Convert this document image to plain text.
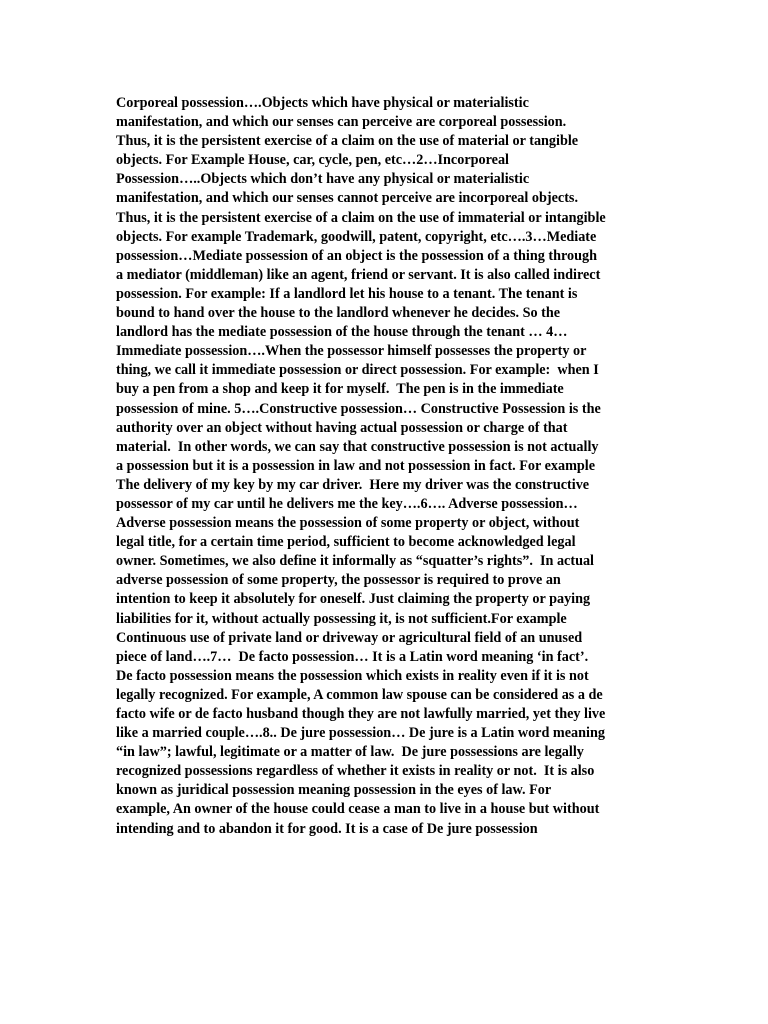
Corporeal possession….Objects which have physical or materialistic
manifestation, and which our senses can perceive are corporeal possession.
Thus, it is the persistent exercise of a claim on the use of material or tangible
objects. For Example House, car, cycle, pen, etc…2…Incorporeal
Possession…..Objects which don’t have any physical or materialistic
manifestation, and which our senses cannot perceive are incorporeal objects.
Thus, it is the persistent exercise of a claim on the use of immaterial or intangible
objects. For example Trademark, goodwill, patent, copyright, etc….3…Mediate
possession…Mediate possession of an object is the possession of a thing through
a mediator (middleman) like an agent, friend or servant. It is also called indirect
possession. For example: If a landlord let his house to a tenant. The tenant is
bound to hand over the house to the landlord whenever he decides. So the
landlord has the mediate possession of the house through the tenant … 4…
Immediate possession….When the possessor himself possesses the property or
thing, we call it immediate possession or direct possession. For example:  when I
buy a pen from a shop and keep it for myself.  The pen is in the immediate
possession of mine. 5….Constructive possession… Constructive Possession is the
authority over an object without having actual possession or charge of that
material.  In other words, we can say that constructive possession is not actually
a possession but it is a possession in law and not possession in fact. For example
The delivery of my key by my car driver.  Here my driver was the constructive
possessor of my car until he delivers me the key….6…. Adverse possession…
Adverse possession means the possession of some property or object, without
legal title, for a certain time period, sufficient to become acknowledged legal
owner. Sometimes, we also define it informally as “squatter’s rights”.  In actual
adverse possession of some property, the possessor is required to prove an
intention to keep it absolutely for oneself. Just claiming the property or paying
liabilities for it, without actually possessing it, is not sufficient.For example
Continuous use of private land or driveway or agricultural field of an unused
piece of land….7…  De facto possession… It is a Latin word meaning ‘in fact’.
De facto possession means the possession which exists in reality even if it is not
legally recognized. For example, A common law spouse can be considered as a de
facto wife or de facto husband though they are not lawfully married, yet they live
like a married couple….8.. De jure possession… De jure is a Latin word meaning
“in law”; lawful, legitimate or a matter of law.  De jure possessions are legally
recognized possessions regardless of whether it exists in reality or not.  It is also
known as juridical possession meaning possession in the eyes of law. For
example, An owner of the house could cease a man to live in a house but without
intending and to abandon it for good. It is a case of De jure possession
